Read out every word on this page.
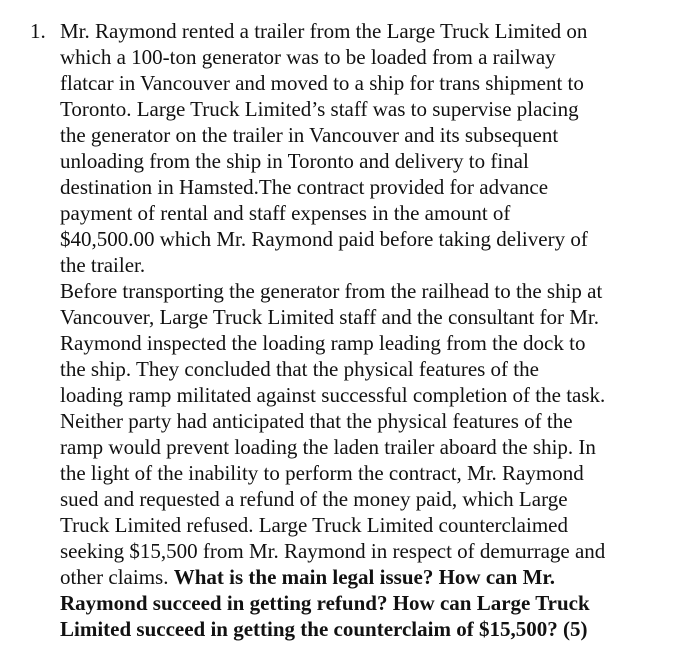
1. Mr. Raymond rented a trailer from the Large Truck Limited on
which a 100-ton generator was to be loaded from a railway
flatcar in Vancouver and moved to a ship for trans shipment to
Toronto. Large Truck Limited’s staff was to supervise placing
the generator on the trailer in Vancouver and its subsequent
unloading from the ship in Toronto and delivery to final
destination in Hamsted.The contract provided for advance
payment of rental and staff expenses in the amount of
$40,500.00 which Mr. Raymond paid before taking delivery of
the trailer.
Before transporting the generator from the railhead to the ship at
Vancouver, Large Truck Limited staff and the consultant for Mr.
Raymond inspected the loading ramp leading from the dock to
the ship. They concluded that the physical features of the
loading ramp militated against successful completion of the task.
Neither party had anticipated that the physical features of the
ramp would prevent loading the laden trailer aboard the ship. In
the light of the inability to perform the contract, Mr. Raymond
sued and requested a refund of the money paid, which Large
Truck Limited refused. Large Truck Limited counterclaimed
seeking $15,500 from Mr. Raymond in respect of demurrage and
other claims. What is the main legal issue? How can Mr.
Raymond succeed in getting refund? How can Large Truck
Limited succeed in getting the counterclaim of $15,500? (5)
